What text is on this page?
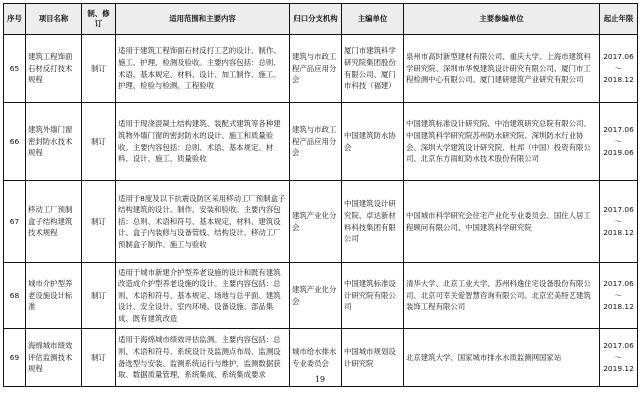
序号	项目名称	制、修订	适用范围和主要内容	归口分支机构	主编单位	主要参编单位	起止年限
65	建筑工程饰面石材反打技术规程	制订	适用于建筑工程饰面石材反打工艺的设计、制作、施工、护理、检测及验收。主要内容包括：总则、术语、基本规定、材料、设计、加工制作、施工、护理、检验与检测、工程验收	建筑与市政工程产品应用分会	厦门市建筑科学研究院集团股份有限公司、厦门市科技（福建）	泉州市高时新型建材有限公司、重庆大学、上海市建筑科学研究院、深圳市华悦建筑设计研究有限公司、厦门市工程检测中心有限公司、厦门建研建筑产业研究有限公司	2017.06
～
2018.12
66	建筑外墙门窗密封防水技术规程	制订	适用于现浇混凝土结构建筑、装配式建筑等各种建筑物外墙门窗的密封防水的设计、施工和质量验收。主要内容包括：总则、术语、基本规定、材料、设计、施工、质量验收	建筑与市政工程产品应用分会	中国建筑防水协会	中国建筑标准设计研究院、中冶建筑研究总院有限公司、中国建筑科学研究院苏州防水研究院、深圳防水行业协会、深圳大学建筑设计研究院、杜邦（中国）投资有限公司、北京东方雨虹防水技术股份有限公司	2017.06
～
2019.06
67	移动工厂预制盒子结构建筑技术规程	制订	适用于8度及以下抗震设防区采用移动工厂预制盒子结构建筑的设计、制作、安装和验收。主要内容包括：总则、术语和符号、基本规定、材料、建筑设计、盒子内装修与设备管线、结构设计、移动工厂预制盒子制作、施工与验收	建筑产业化分会	中国建筑设计研究院、卓达新材料科技集团有限公司	中国城市科学研究会住宅产业化专业委员会、国住人居工程顾问有限公司、中国建筑科学研究院	2017.06
～
2018.12
68	城市介护型养老设施设计标准	制订	适用于城市新建介护型养老设施的设计和既有建筑改造成介护型养老设施的设计。主要内容包括：总则、术语和符号、基本规定、场地与总平面、建筑设计、安全设计、室内环境、设备设施、部品集成、既有建筑改造	建筑产业化分会	中国建筑标准设计研究院有限公司	清华大学、北京工业大学、苏州科逸住宅设备股份有限公司、北京可幸关爱智慧咨询有限公司、北京宏美特艺建筑装饰工程有限公司	2017.06
～
2018.12
69	海绵城市绩效评估监测技术规程	制订	适用于海绵城市绩效评估监测。主要内容包括：总则、术语和符号、系统设计及监测点布局、监测设备选型与安装、监测系统运行与维护、监测数据获取、数据质量管理、系统集成、系统集成要求	城市给水排水专业委员会	中国城市规划设计研究院	北京建筑大学、国家城市排水水质监测网国家站	2017.06
～
2019.12
19
